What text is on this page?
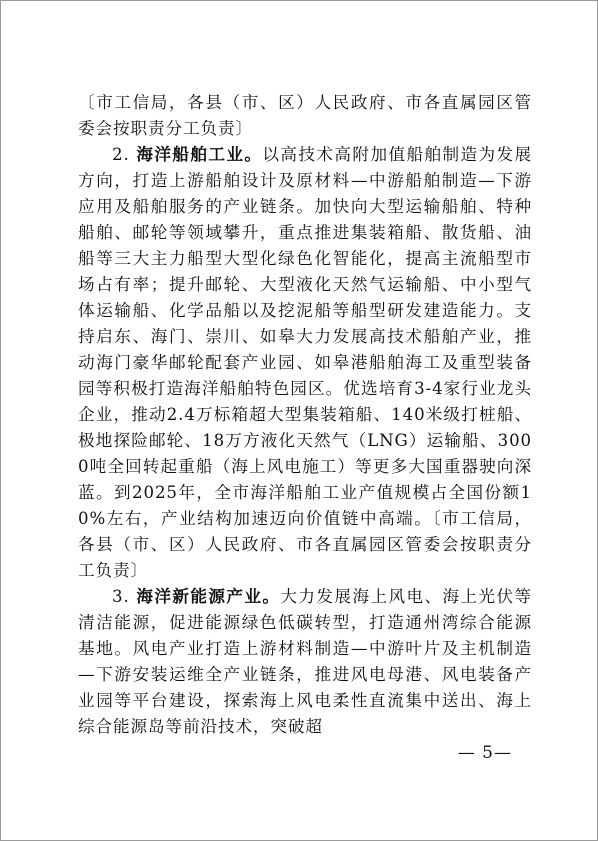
〔市工信局，各县（市、区）人民政府、市各直属园区管委会按职责分工负责〕

2. 海洋船舶工业。以高技术高附加值船舶制造为发展方向，打造上游船舶设计及原材料—中游船舶制造—下游应用及船舶服务的产业链条。加快向大型运输船舶、特种船舶、邮轮等领域攀升，重点推进集装箱船、散货船、油船等三大主力船型大型化绿色化智能化，提高主流船型市场占有率；提升邮轮、大型液化天然气运输船、中小型气体运输船、化学品船以及挖泥船等船型研发建造能力。支持启东、海门、崇川、如皋大力发展高技术船舶产业，推动海门豪华邮轮配套产业园、如皋港船舶海工及重型装备园等积极打造海洋船舶特色园区。优选培育3-4家行业龙头企业，推动2.4万标箱超大型集装箱船、140米级打桩船、极地探险邮轮、18万方液化天然气（LNG）运输船、3000吨全回转起重船（海上风电施工）等更多大国重器驶向深蓝。到2025年，全市海洋船舶工业产值规模占全国份额10%左右，产业结构加速迈向价值链中高端。〔市工信局，各县（市、区）人民政府、市各直属园区管委会按职责分工负责〕

3. 海洋新能源产业。大力发展海上风电、海上光伏等清洁能源，促进能源绿色低碳转型，打造通州湾综合能源基地。风电产业打造上游材料制造—中游叶片及主机制造—下游安装运维全产业链条，推进风电母港、风电装备产业园等平台建设，探索海上风电柔性直流集中送出、海上综合能源岛等前沿技术，突破超

— 5—
